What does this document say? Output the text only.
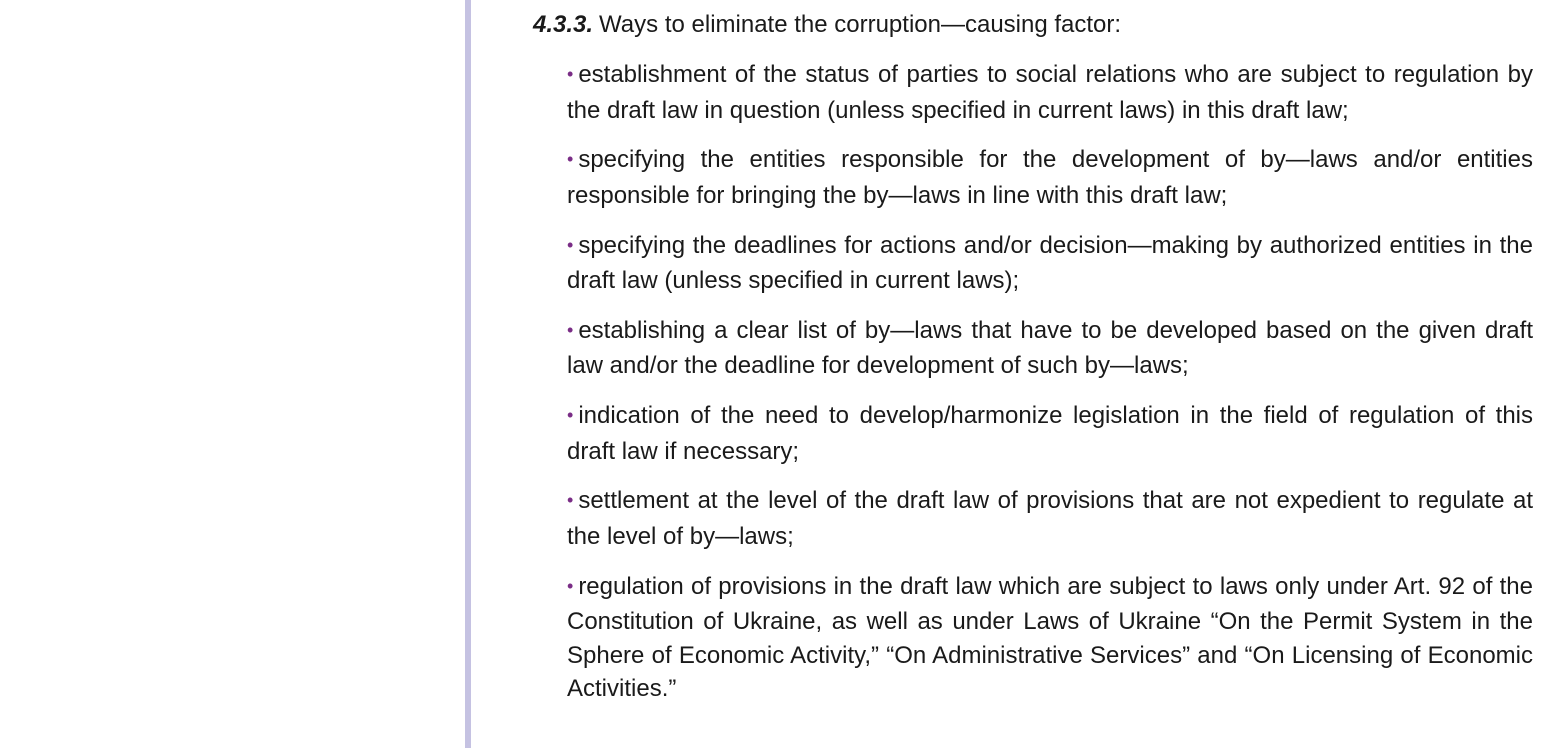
4.3.3. Ways to eliminate the corruption—causing factor:
• establishment of the status of parties to social relations who are subject to regulation by the draft law in question (unless specified in current laws) in this draft law;
• specifying the entities responsible for the development of by—laws and/or entities responsible for bringing the by—laws in line with this draft law;
• specifying the deadlines for actions and/or decision—making by authorized entities in the draft law (unless specified in current laws);
• establishing a clear list of by—laws that have to be developed based on the given draft law and/or the deadline for development of such by—laws;
• indication of the need to develop/harmonize legislation in the field of regulation of this draft law if necessary;
• settlement at the level of the draft law of provisions that are not expedient to regulate at the level of by—laws;
• regulation of provisions in the draft law which are subject to laws only under Art. 92 of the Constitution of Ukraine, as well as under Laws of Ukraine “On the Permit System in the Sphere of Economic Activity,” “On Administrative Services” and “On Licensing of Economic Activities.”
